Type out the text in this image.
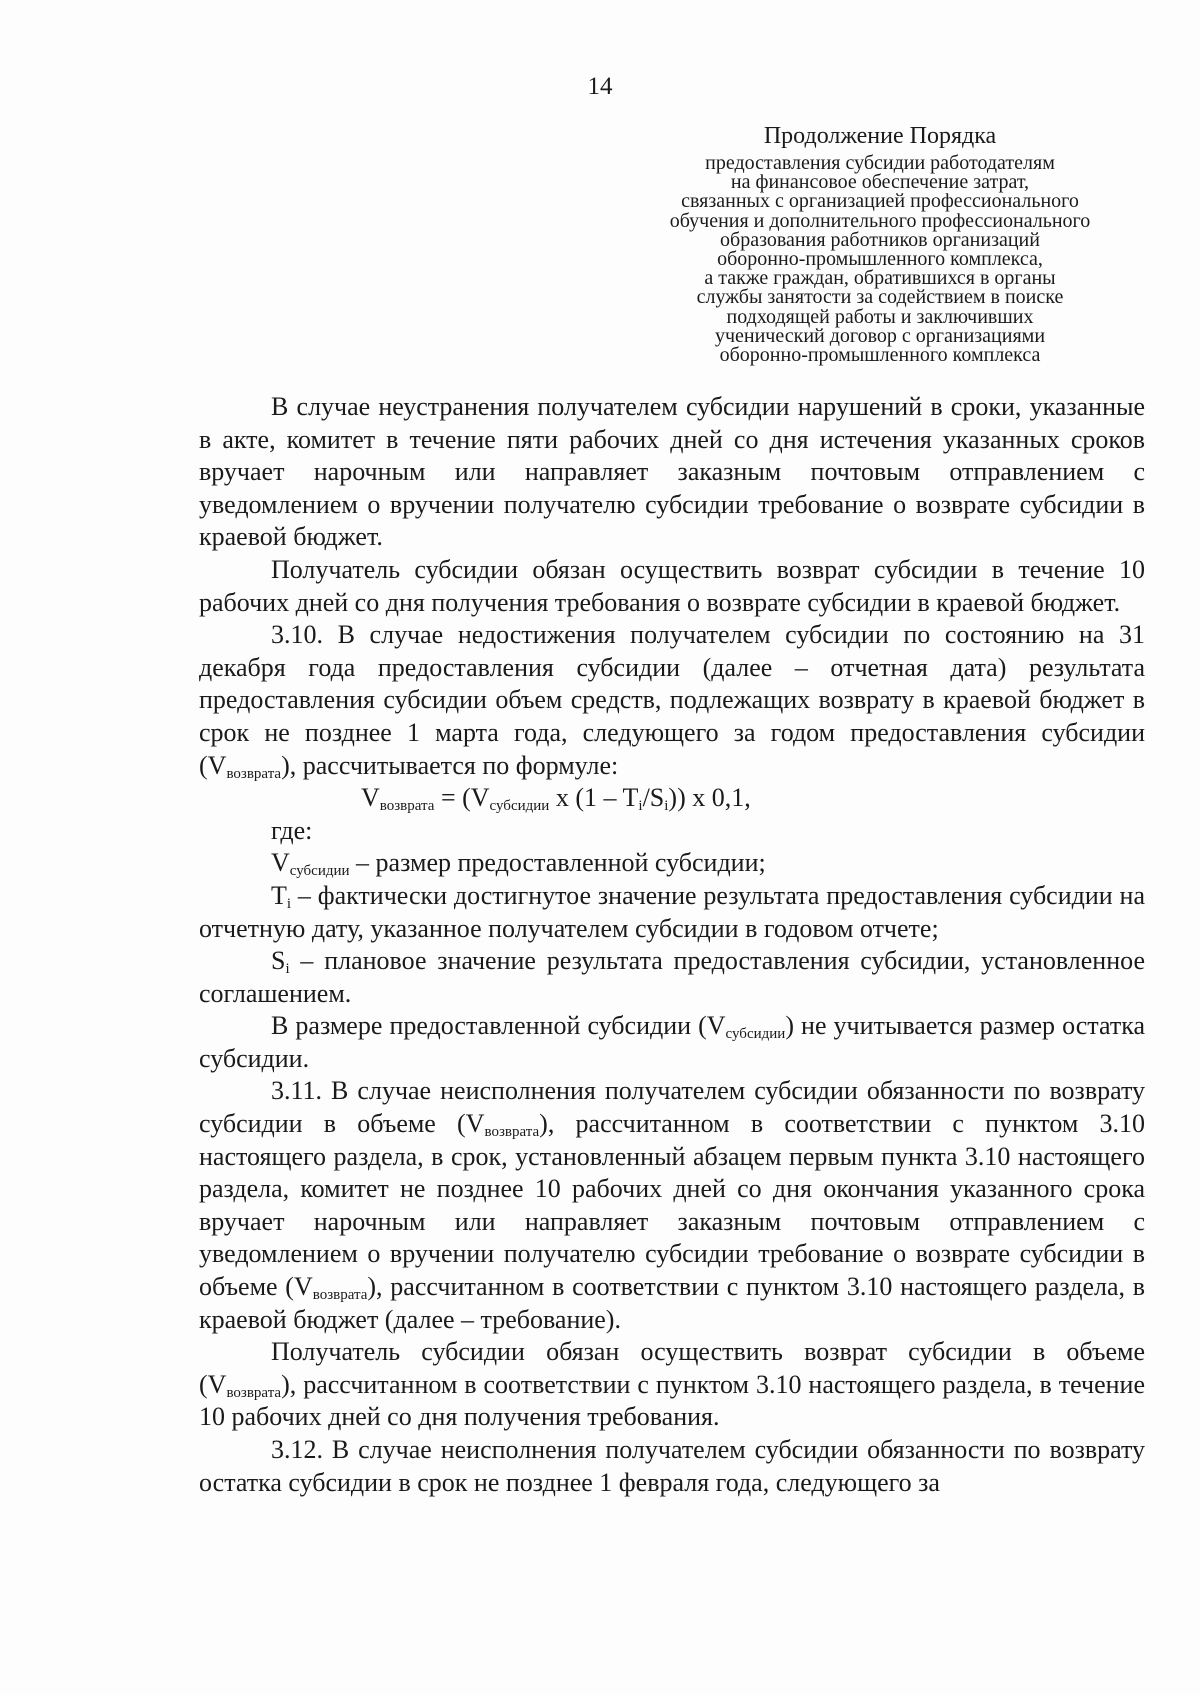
14
Продолжение Порядка
предоставления субсидии работодателям
на финансовое обеспечение затрат,
связанных с организацией профессионального
обучения и дополнительного профессионального
образования работников организаций
оборонно-промышленного комплекса,
а также граждан, обратившихся в органы
службы занятости за содействием в поиске
подходящей работы и заключивших
ученический договор с организациями
оборонно-промышленного комплекса

В случае неустранения получателем субсидии нарушений в сроки, указанные в акте, комитет в течение пяти рабочих дней со дня истечения указанных сроков вручает нарочным или направляет заказным почтовым отправлением с уведомлением о вручении получателю субсидии требование о возврате субсидии в краевой бюджет.

Получатель субсидии обязан осуществить возврат субсидии в течение 10 рабочих дней со дня получения требования о возврате субсидии в краевой бюджет.

3.10. В случае недостижения получателем субсидии по состоянию на 31 декабря года предоставления субсидии (далее – отчетная дата) результата предоставления субсидии объем средств, подлежащих возврату в краевой бюджет в срок не позднее 1 марта года, следующего за годом предоставления субсидии $(V_{возврата})$, рассчитывается по формуле:

$V_{возврата} = (V_{субсидии}$ x $(1 - T_i/S_i)$) x 0,1,

где:

$V_{субсидии}$ – размер предоставленной субсидии;

$T_i$ – фактически достигнутое значение результата предоставления субсидии на отчетную дату, указанное получателем субсидии в годовом отчете;

$S_i$ – плановое значение результата предоставления субсидии, установленное соглашением.

В размере предоставленной субсидии $(V_{субсидии})$ не учитывается размер остатка субсидии.

3.11. В случае неисполнения получателем субсидии обязанности по возврату субсидии в объеме $(V_{возврата})$, рассчитанном в соответствии с пунктом 3.10 настоящего раздела, в срок, установленный абзацем первым пункта 3.10 настоящего раздела, комитет не позднее 10 рабочих дней со дня окончания указанного срока вручает нарочным или направляет заказным почтовым отправлением с уведомлением о вручении получателю субсидии требование о возврате субсидии в объеме $(V_{возврата})$, рассчитанном в соответствии с пунктом 3.10 настоящего раздела, в краевой бюджет (далее – требование).

Получатель субсидии обязан осуществить возврат субсидии в объеме $(V_{возврата})$, рассчитанном в соответствии с пунктом 3.10 настоящего раздела, в течение 10 рабочих дней со дня получения требования.

3.12. В случае неисполнения получателем субсидии обязанности по возврату остатка субсидии в срок не позднее 1 февраля года, следующего за
